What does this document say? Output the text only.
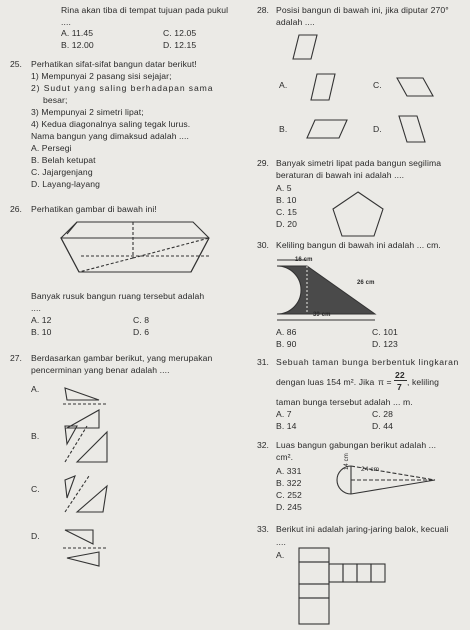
Rina akan tiba di tempat tujuan pada pukul
....
A. 11.45	C. 12.05
B. 12.00	D. 12.15
25. Perhatikan sifat-sifat bangun datar berikut!
1) Mempunyai 2 pasang sisi sejajar;
2) Sudut yang saling berhadapan sama
besar;
3) Mempunyai 2 simetri lipat;
4) Kedua diagonalnya saling tegak lurus.
Nama bangun yang dimaksud adalah ....
A. Persegi
B. Belah ketupat
C. Jajargenjang
D. Layang-layang
26. Perhatikan gambar di bawah ini!
Banyak rusuk bangun ruang tersebut adalah
....
A. 12	C. 8
B. 10	D. 6
27. Berdasarkan gambar berikut, yang merupakan
pencerminan yang benar adalah ....
A.
B.
C.
D.
28. Posisi bangun di bawah ini, jika diputar 270°
adalah ....
A.	C.
B.	D.
29. Banyak simetri lipat pada bangun segilima
beraturan di bawah ini adalah ....
A. 5
B. 10
C. 15
D. 20
30. Keliling bangun di bawah ini adalah ... cm.
16 cm
26 cm
39 cm
A. 86	C. 101
B. 90	D. 123
31. Sebuah taman bunga berbentuk lingkaran
dengan luas 154 m². Jika π =
22
7 , keliling
taman bunga tersebut adalah ... m.
A. 7	C. 28
B. 14	D. 44
32. Luas bangun gabungan berikut adalah ...
cm².
A. 331
B. 322
C. 252
D. 245
14 cm	24 cm
33. Berikut ini adalah jaring-jaring balok, kecuali
....
A.
